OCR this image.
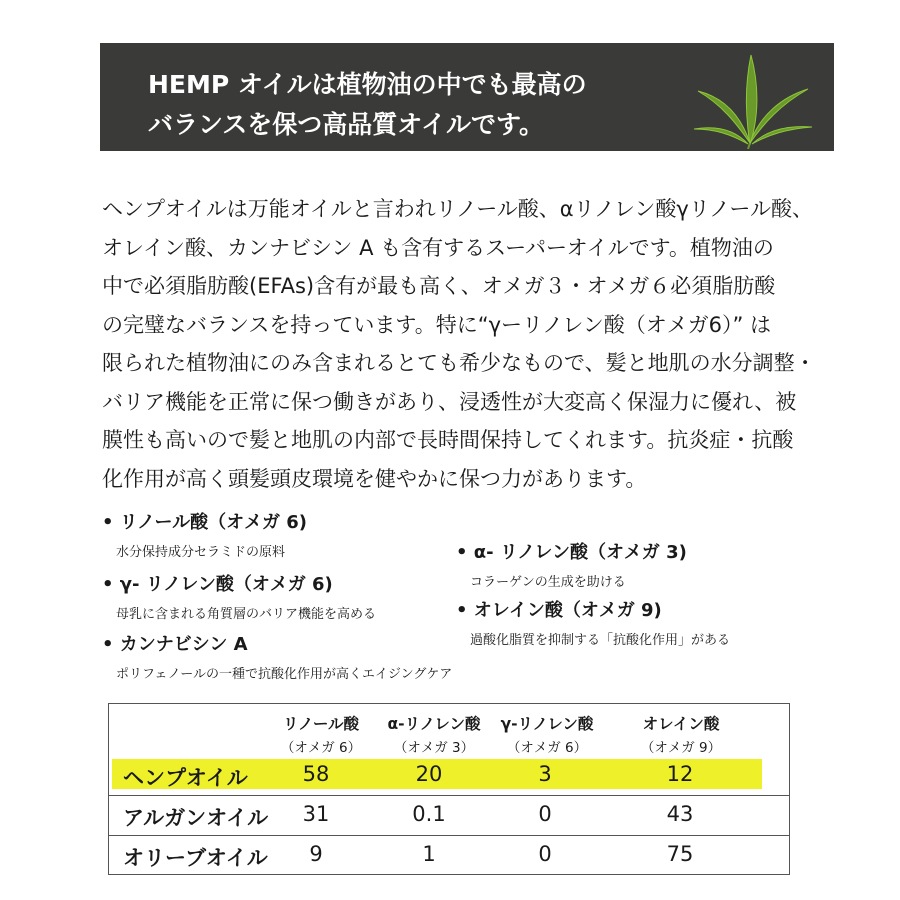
HEMP オイルは植物油の中でも最高の
バランスを保つ高品質オイルです。
ヘンプオイルは万能オイルと言われリノール酸、αリノレン酸γリノール酸、
オレイン酸、カンナビシン A も含有するスーパーオイルです。植物油の
中で必須脂肪酸(EFAs)含有が最も高く、オメガ３・オメガ６必須脂肪酸
の完璧なバランスを持っています。特に“γーリノレン酸（オメガ6）” は
限られた植物油にのみ含まれるとても希少なもので、髪と地肌の水分調整・
バリア機能を正常に保つ働きがあり、浸透性が大変高く保湿力に優れ、被
膜性も高いので髪と地肌の内部で長時間保持してくれます。抗炎症・抗酸
化作用が高く頭髪頭皮環境を健やかに保つ力があります。
• リノール酸（オメガ 6)
水分保持成分セラミドの原料
• γ- リノレン酸（オメガ 6)
母乳に含まれる角質層のバリア機能を高める
• カンナビシン A
ポリフェノールの一種で抗酸化作用が高くエイジングケア
• α- リノレン酸（オメガ 3)
コラーゲンの生成を助ける
• オレイン酸（オメガ 9)
過酸化脂質を抑制する「抗酸化作用」がある
リノール酸
（オメガ 6）
α-リノレン酸
（オメガ 3）
γ-リノレン酸
（オメガ 6）
オレイン酸
（オメガ 9）
ヘンプオイル	58	20	3	12
アルガンオイル	31	0.1	0	43
オリーブオイル	9	1	0	75
